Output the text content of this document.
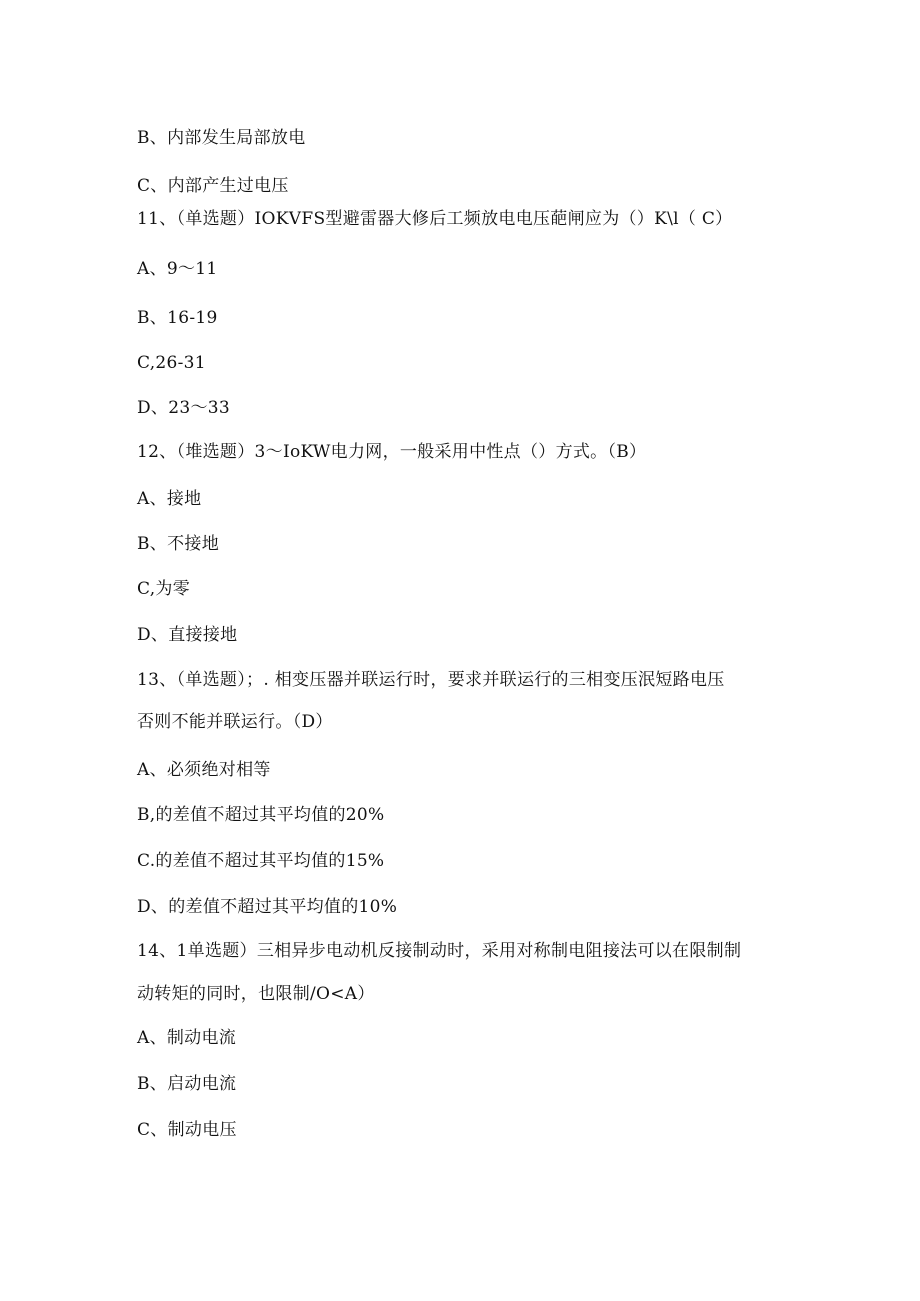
B、内部发生局部放电
C、内部产生过电压
11、（单选题）IOKVFS型避雷器大修后工频放电电压葩闸应为（）K\l（ C）
A、9～11
B、16-19
C,26-31
D、23～33
12、（堆选题）3～IoKW电力网，一般采用中性点（）方式。（B）
A、接地
B、不接地
C,为零
D、直接接地
13、（单选题）；. 相变压器并联运行时，要求并联运行的三相变压泯短路电压
否则不能并联运行。（D）
A、必须绝对相等
B,的差值不超过其平均值的20%
C.的差值不超过其平均值的15%
D、的差值不超过其平均值的10%
14、1单选题）三相异步电动机反接制动时，采用对称制电阻接法可以在限制制
动转矩的同时，也限制/O<A）
A、制动电流
B、启动电流
C、制动电压
